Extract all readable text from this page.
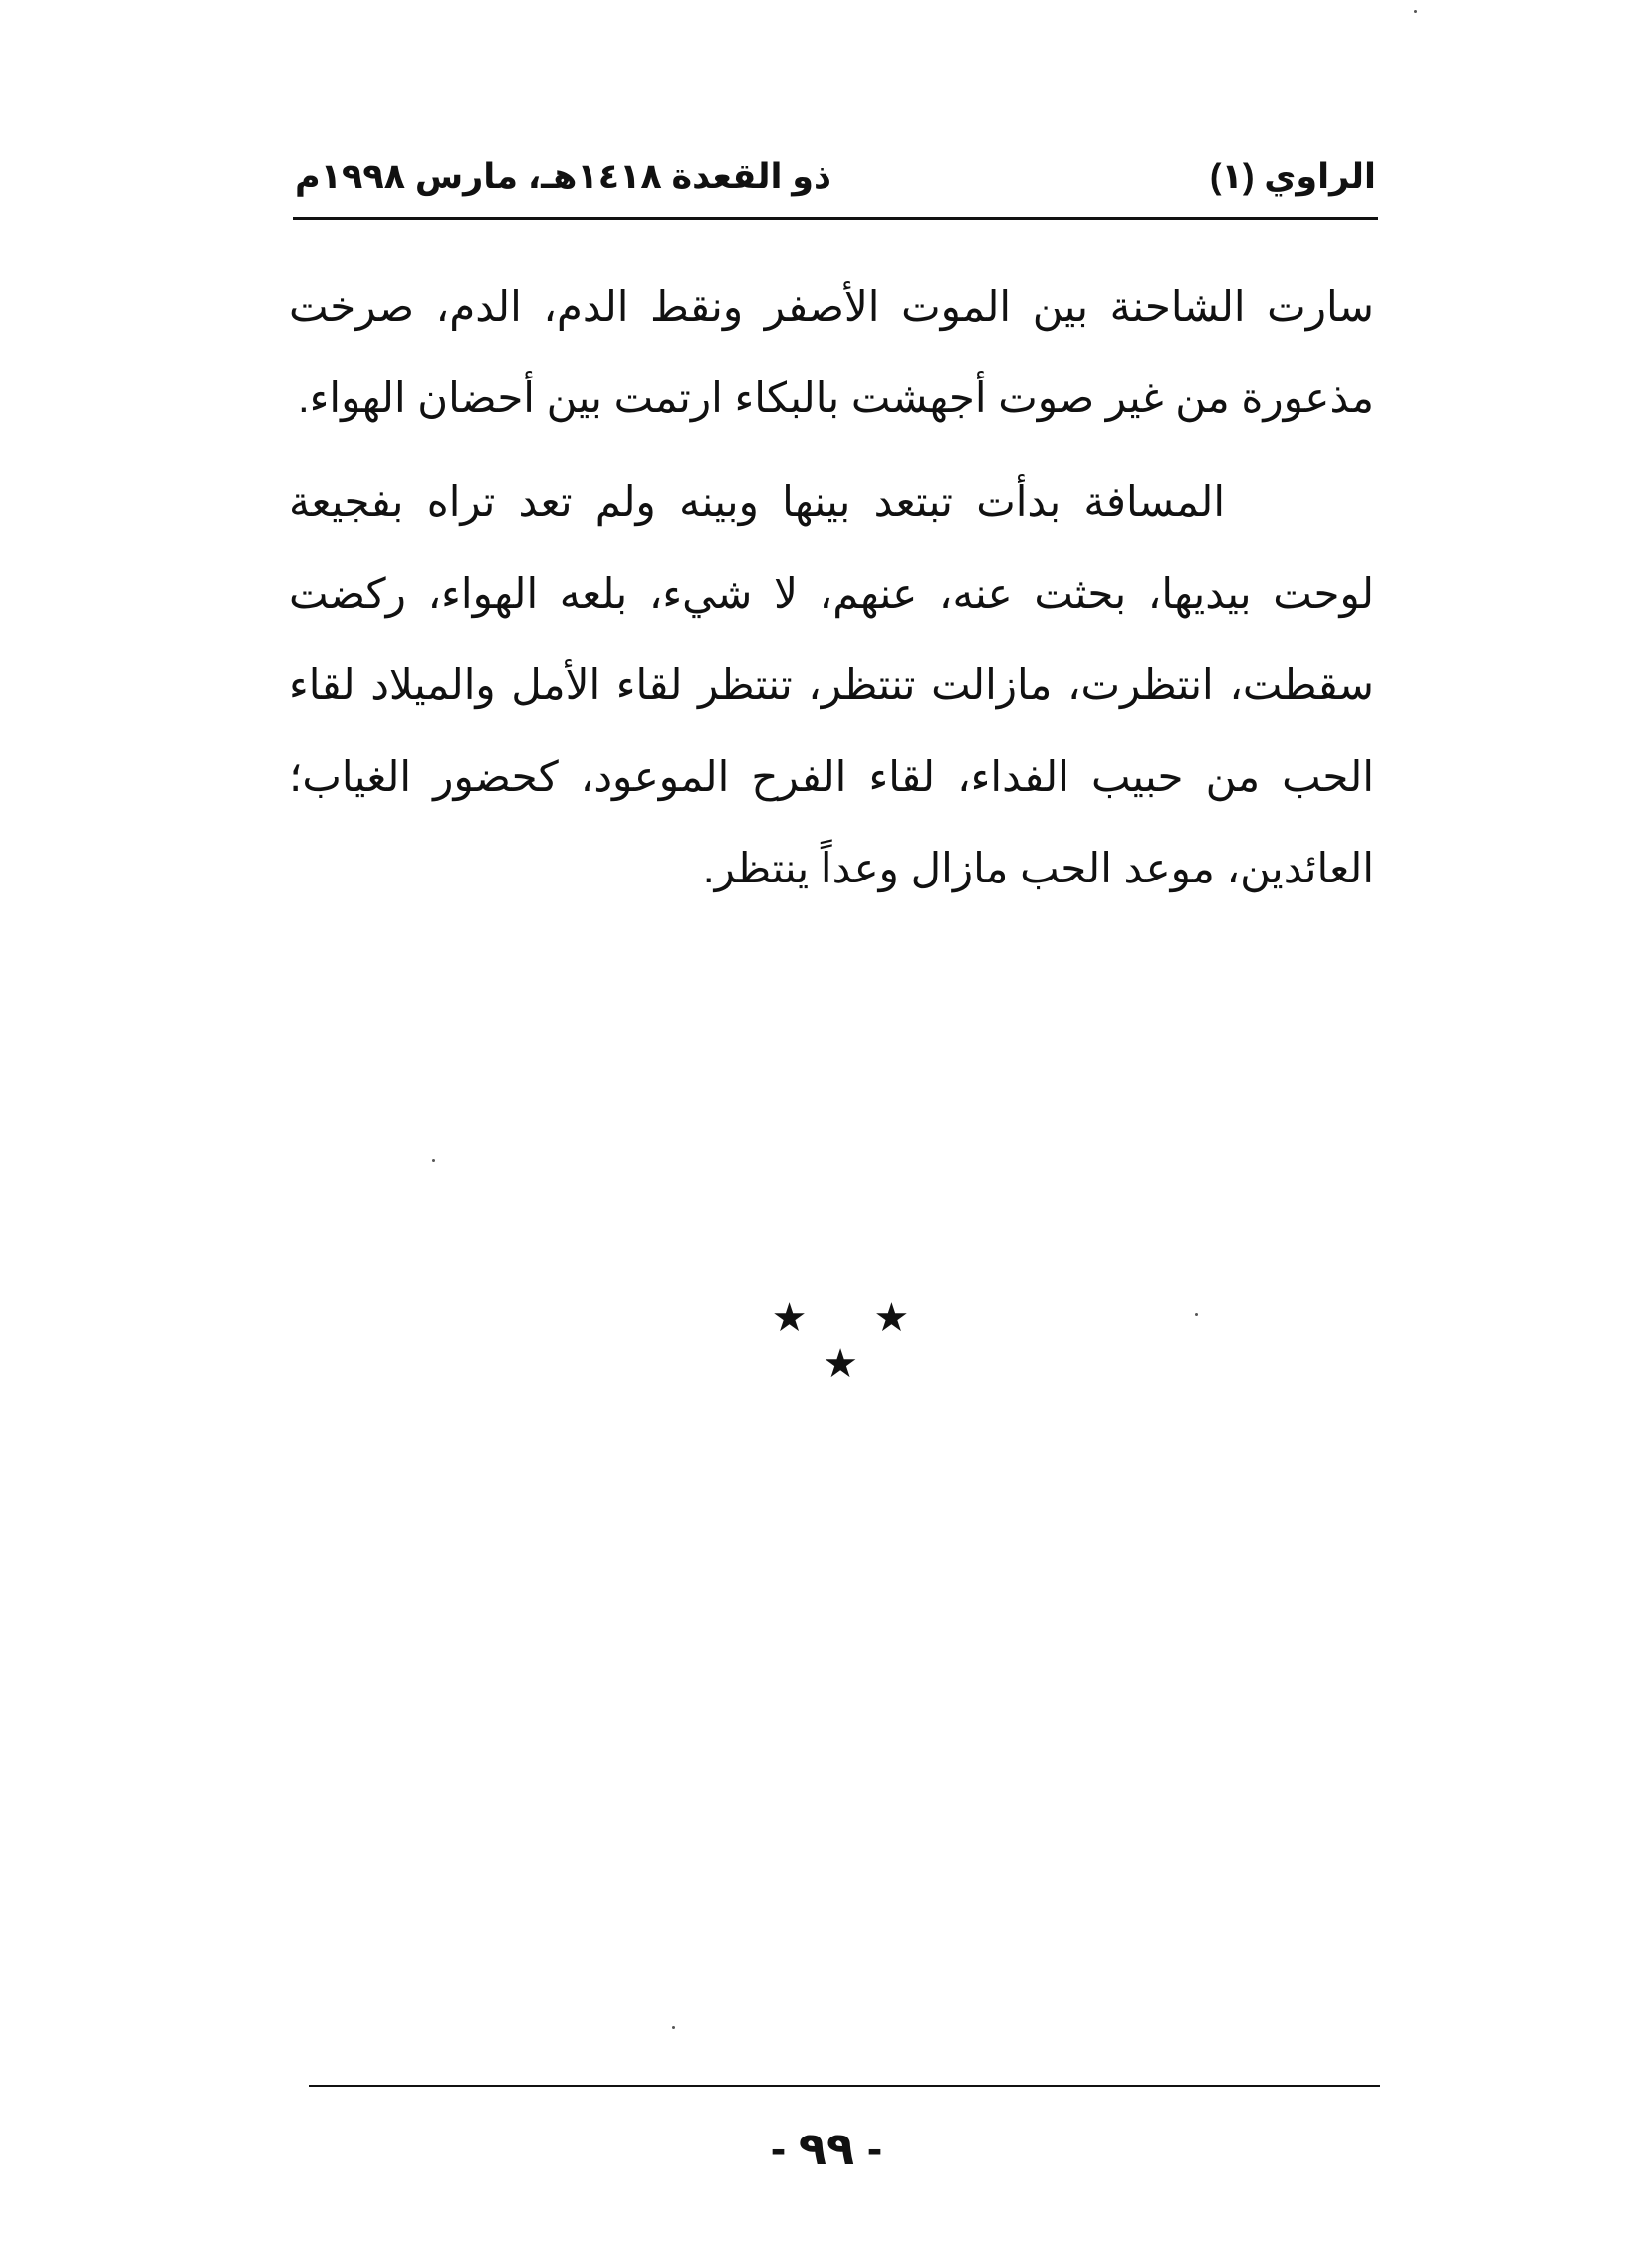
الراوي (١)
ذو القعدة ١٤١٨هـ، مارس ١٩٩٨م

سارت الشاحنة بين الموت الأصفر ونقط الدم، الدم، صرخت مذعورة من غير صوت أجهشت بالبكاء ارتمت بين أحضان الهواء.

المسافة بدأت تبتعد بينها وبينه ولم تعد تراه بفجيعة لوحت بيديها، بحثت عنه، عنهم، لا شيء، بلعه الهواء، ركضت سقطت، انتظرت، مازالت تنتظر، تنتظر لقاء الأمل والميلاد لقاء الحب من حبيب الفداء، لقاء الفرح الموعود، كحضور الغياب؛ العائدين، موعد الحب مازال وعداً ينتظر.

★ ★ ★
- ٩٩ -
